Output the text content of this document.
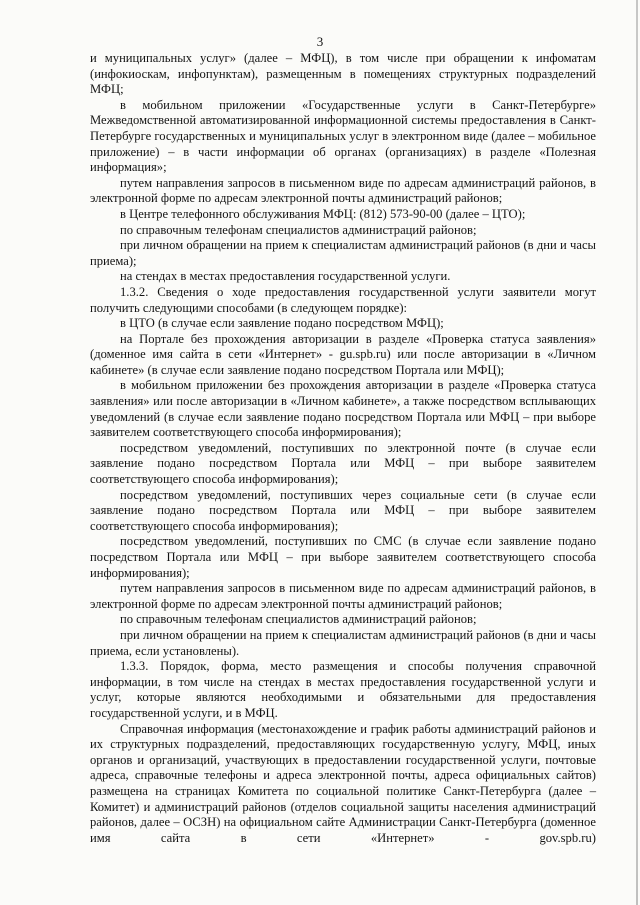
3

и муниципальных услуг» (далее – МФЦ), в том числе при обращении к инфоматам (инфокиоскам, инфопунктам), размещенным в помещениях структурных подразделений МФЦ;

в мобильном приложении «Государственные услуги в Санкт-Петербурге» Межведомственной автоматизированной информационной системы предоставления в Санкт-Петербурге государственных и муниципальных услуг в электронном виде (далее – мобильное приложение) – в части информации об органах (организациях) в разделе «Полезная информация»;

путем направления запросов в письменном виде по адресам администраций районов, в электронной форме по адресам электронной почты администраций районов;

в Центре телефонного обслуживания МФЦ: (812) 573-90-00 (далее – ЦТО);

по справочным телефонам специалистов администраций районов;

при личном обращении на прием к специалистам администраций районов (в дни и часы приема);

на стендах в местах предоставления государственной услуги.

1.3.2. Сведения о ходе предоставления государственной услуги заявители могут получить следующими способами (в следующем порядке):

в ЦТО (в случае если заявление подано посредством МФЦ);

на Портале без прохождения авторизации в разделе «Проверка статуса заявления» (доменное имя сайта в сети «Интернет» - gu.spb.ru) или после авторизации в «Личном кабинете» (в случае если заявление подано посредством Портала или МФЦ);

в мобильном приложении без прохождения авторизации в разделе «Проверка статуса заявления» или после авторизации в «Личном кабинете», а также посредством всплывающих уведомлений (в случае если заявление подано посредством Портала или МФЦ – при выборе заявителем соответствующего способа информирования);

посредством уведомлений, поступивших по электронной почте (в случае если заявление подано посредством Портала или МФЦ – при выборе заявителем соответствующего способа информирования);

посредством уведомлений, поступивших через социальные сети (в случае если заявление подано посредством Портала или МФЦ – при выборе заявителем соответствующего способа информирования);

посредством уведомлений, поступивших по СМС (в случае если заявление подано посредством Портала или МФЦ – при выборе заявителем соответствующего способа информирования);

путем направления запросов в письменном виде по адресам администраций районов, в электронной форме по адресам электронной почты администраций районов;

по справочным телефонам специалистов администраций районов;

при личном обращении на прием к специалистам администраций районов (в дни и часы приема, если установлены).

1.3.3. Порядок, форма, место размещения и способы получения справочной информации, в том числе на стендах в местах предоставления государственной услуги и услуг, которые являются необходимыми и обязательными для предоставления государственной услуги, и в МФЦ.

Справочная информация (местонахождение и график работы администраций районов и их структурных подразделений, предоставляющих государственную услугу, МФЦ, иных органов и организаций, участвующих в предоставлении государственной услуги, почтовые адреса, справочные телефоны и адреса электронной почты, адреса официальных сайтов) размещена на страницах Комитета по социальной политике Санкт-Петербурга (далее – Комитет) и администраций районов (отделов социальной защиты населения администраций районов, далее – ОСЗН) на официальном сайте Администрации Санкт-Петербурга (доменное имя сайта в сети «Интернет» - gov.spb.ru)
